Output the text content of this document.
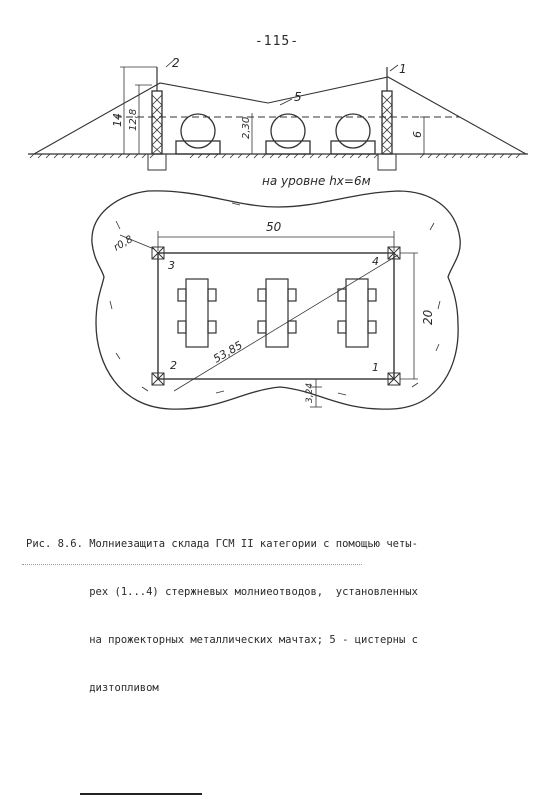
-115-
2	1
5
14 12,8	2,30	6
на уровне hx=6м
50
20
53,85
r0,8
3,24
3	4
2	1

Рис. 8.6. Молниезащита склада ГСМ II категории с помощью четы-

рех (1...4) стержневых молниеотводов,  установленных

на прожекторных металлических мачтах; 5 - цистерны с

дизтопливом
